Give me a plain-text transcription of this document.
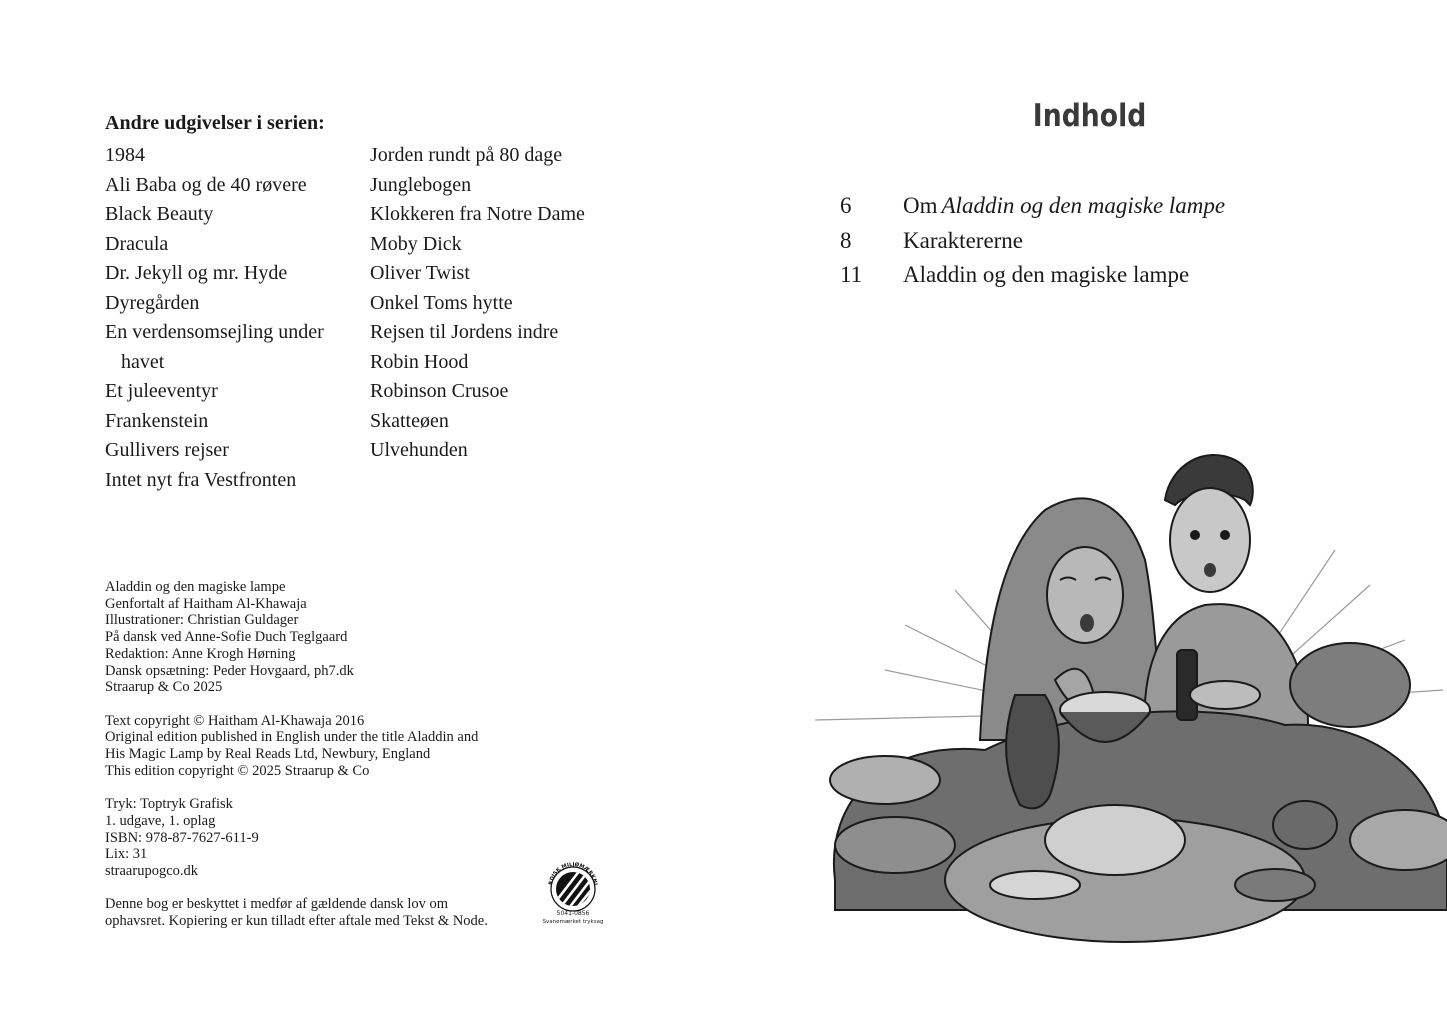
Andre udgivelser i serien:
1984
Ali Baba og de 40 røvere
Black Beauty
Dracula
Dr. Jekyll og mr. Hyde
Dyregården
En verdensomsejling under
havet
Et juleeventyr
Frankenstein
Gullivers rejser
Intet nyt fra Vestfronten
Jorden rundt på 80 dage
Junglebogen
Klokkeren fra Notre Dame
Moby Dick
Oliver Twist
Onkel Toms hytte
Rejsen til Jordens indre
Robin Hood
Robinson Crusoe
Skatteøen
Ulvehunden
Aladdin og den magiske lampe
Genfortalt af Haitham Al-Khawaja
Illustrationer: Christian Guldager
På dansk ved Anne-Sofie Duch Teglgaard
Redaktion: Anne Krogh Hørning
Dansk opsætning: Peder Hovgaard, ph7.dk
Straarup & Co 2025
Text copyright © Haitham Al-Khawaja 2016
Original edition published in English under the title Aladdin and
His Magic Lamp by Real Reads Ltd, Newbury, England
This edition copyright © 2025 Straarup & Co
Tryk: Toptryk Grafisk
1. udgave, 1. oplag
ISBN: 978-87-7627-611-9
Lix: 31
straarupogco.dk
Denne bog er beskyttet i medfør af gældende dansk lov om
ophavsret. Kopiering er kun tilladt efter aftale med Tekst & Node.
RDISK MILJØMÆRKNI
5041-0856
Svanemærket tryksag
Indhold
6 Om Aladdin og den magiske lampe
8 Karaktererne
11 Aladdin og den magiske lampe
